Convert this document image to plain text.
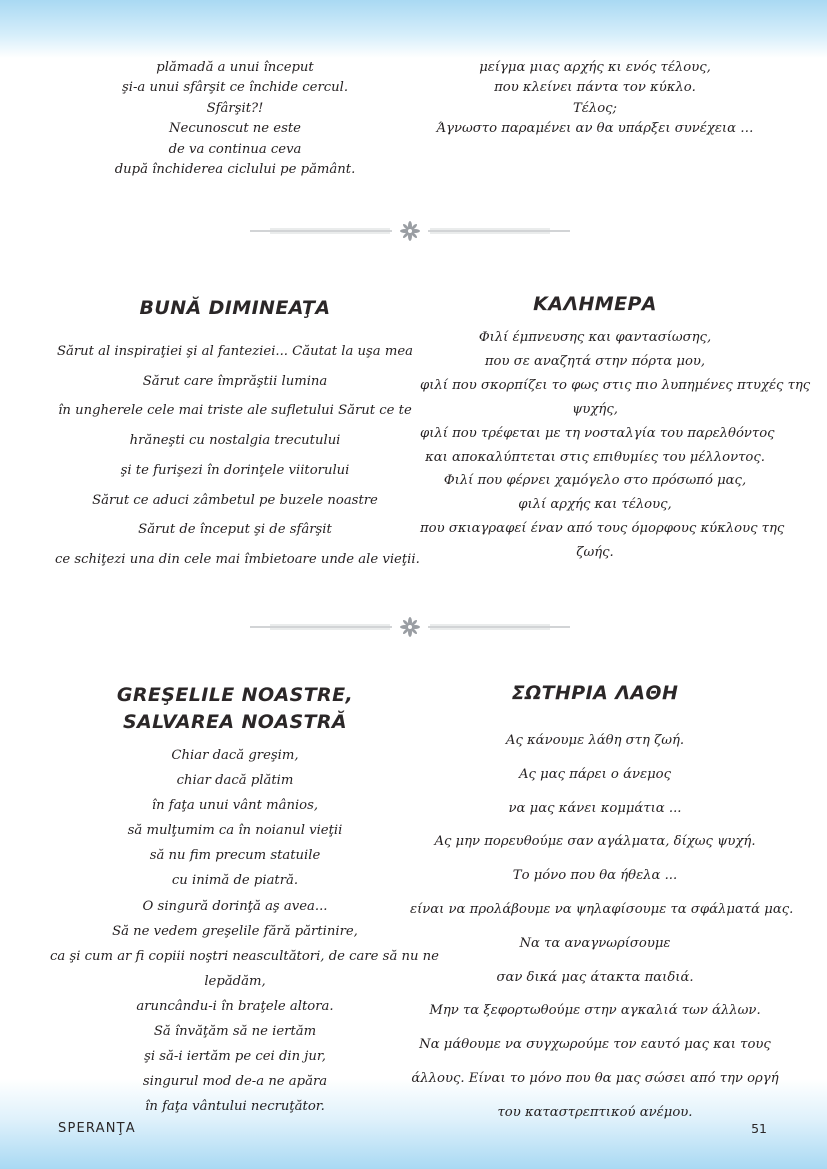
plămadă a unui început
şi-a unui sfârşit ce închide cercul.
Sfârşit?!
Necunoscut ne este
de va continua ceva
după închiderea ciclului pe pământ.
μείγμα μιας αρχής κι ενός τέλους,
που κλείνει πάντα τον κύκλο.
Τέλος;
Άγνωστο παραμένει αν θα υπάρξει συνέχεια …
BUNĂ DIMINEAŢA
Sărut al inspiraţiei şi al fanteziei... Căutat la uşa mea
Sărut care împrăştii lumina
în ungherele cele mai triste ale sufletului Sărut ce te
hrăneşti cu nostalgia trecutului
şi te furişezi în dorinţele viitorului
Sărut ce aduci zâmbetul pe buzele noastre
Sărut de început şi de sfârşit
ce schiţezi una din cele mai îmbietoare unde ale vieţii.
ΚΑΛΗΜΕΡΑ
Φιλί έμπνευσης και φαντασίωσης,
που σε αναζητά στην πόρτα μου,
φιλί που σκορπίζει το φως στις πιο λυπημένες πτυχές της
ψυχής,
φιλί που τρέφεται με τη νοσταλγία του παρελθόντος
και αποκαλύπτεται στις επιθυμίες του μέλλοντος.
Φιλί που φέρνει χαμόγελο στο πρόσωπό μας,
φιλί αρχής και τέλους,
που σκιαγραφεί έναν από τους όμορφους κύκλους της
ζωής.
GREŞELILE NOASTRE,
SALVAREA NOASTRĂ
Chiar dacă greşim,
chiar dacă plătim
în faţa unui vânt mânios,
să mulţumim ca în noianul vieţii
să nu fim precum statuile
cu inimă de piatră.
O singură dorinţă aş avea...
Să ne vedem greşelile fără părtinire,
ca şi cum ar fi copiii noştri neascultători, de care să nu ne
lepădăm,
aruncându-i în braţele altora.
Să învăţăm să ne iertăm
şi să-i iertăm pe cei din jur,
singurul mod de-a ne apăra
în faţa vântului necruţător.
ΣΩΤΗΡΙΑ ΛΑΘΗ
Ας κάνουμε λάθη στη ζωή.
Ας μας πάρει ο άνεμος
να μας κάνει κομμάτια ...
Ας μην πορευθούμε σαν αγάλματα, δίχως ψυχή.
Το μόνο που θα ήθελα ...
είναι να προλάβουμε να ψηλαφίσουμε τα σφάλματά μας.
Να τα αναγνωρίσουμε
σαν δικά μας άτακτα παιδιά.
Μην τα ξεφορτωθούμε στην αγκαλιά των άλλων.
Να μάθουμε να συγχωρούμε τον εαυτό μας και τους
άλλους. Είναι το μόνο που θα μας σώσει από την οργή
του καταστρεπτικού ανέμου.
SPERANŢA	51
